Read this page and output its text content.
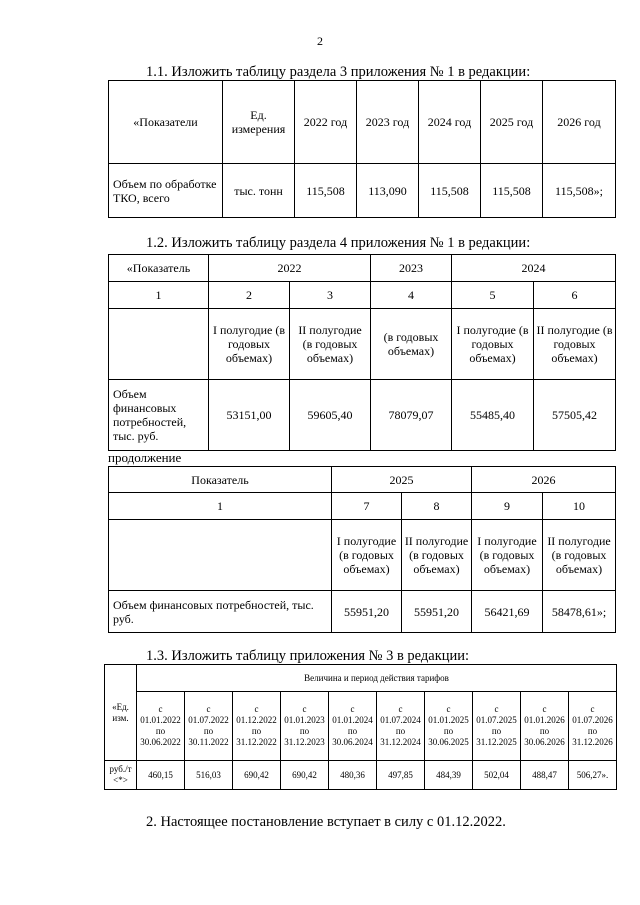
2
1.1. Изложить таблицу раздела 3 приложения № 1 в редакции:
«Показатели	Ед. измерения	2022 год	2023 год	2024 год	2025 год	2026 год
Объем по обработке ТКО, всего	тыс. тонн	115,508	113,090	115,508	115,508	115,508»;
1.2. Изложить таблицу раздела 4 приложения № 1 в редакции:
«Показатель	2022		2023	2024	
1	2	3	4	5	6
	I полугодие (в годовых объемах)	II полугодие (в годовых объемах)	(в годовых объемах)	I полугодие (в годовых объемах)	II полугодие (в годовых объемах)
Объем финансовых потребностей, тыс. руб.	53151,00	59605,40	78079,07	55485,40	57505,42
продолжение
Показатель	2025		2026	
1	7	8	9	10
	I полугодие (в годовых объемах)	II полугодие (в годовых объемах)	I полугодие (в годовых объемах)	II полугодие (в годовых объемах)
Объем финансовых потребностей, тыс. руб.	55951,20	55951,20	56421,69	58478,61»;
1.3. Изложить таблицу приложения № 3 в редакции:
«Ед. изм.	Величина и период действия тарифов									
	с 01.01.2022 по 30.06.2022	с 01.07.2022 по 30.11.2022	с 01.12.2022 по 31.12.2022	с 01.01.2023 по 31.12.2023	с 01.01.2024 по 30.06.2024	с 01.07.2024 по 31.12.2024	с 01.01.2025 по 30.06.2025	с 01.07.2025 по 31.12.2025	с 01.01.2026 по 30.06.2026	с 01.07.2026 по 31.12.2026
руб./т <*>	460,15	516,03	690,42	690,42	480,36	497,85	484,39	502,04	488,47	506,27».
2. Настоящее постановление вступает в силу с 01.12.2022.
